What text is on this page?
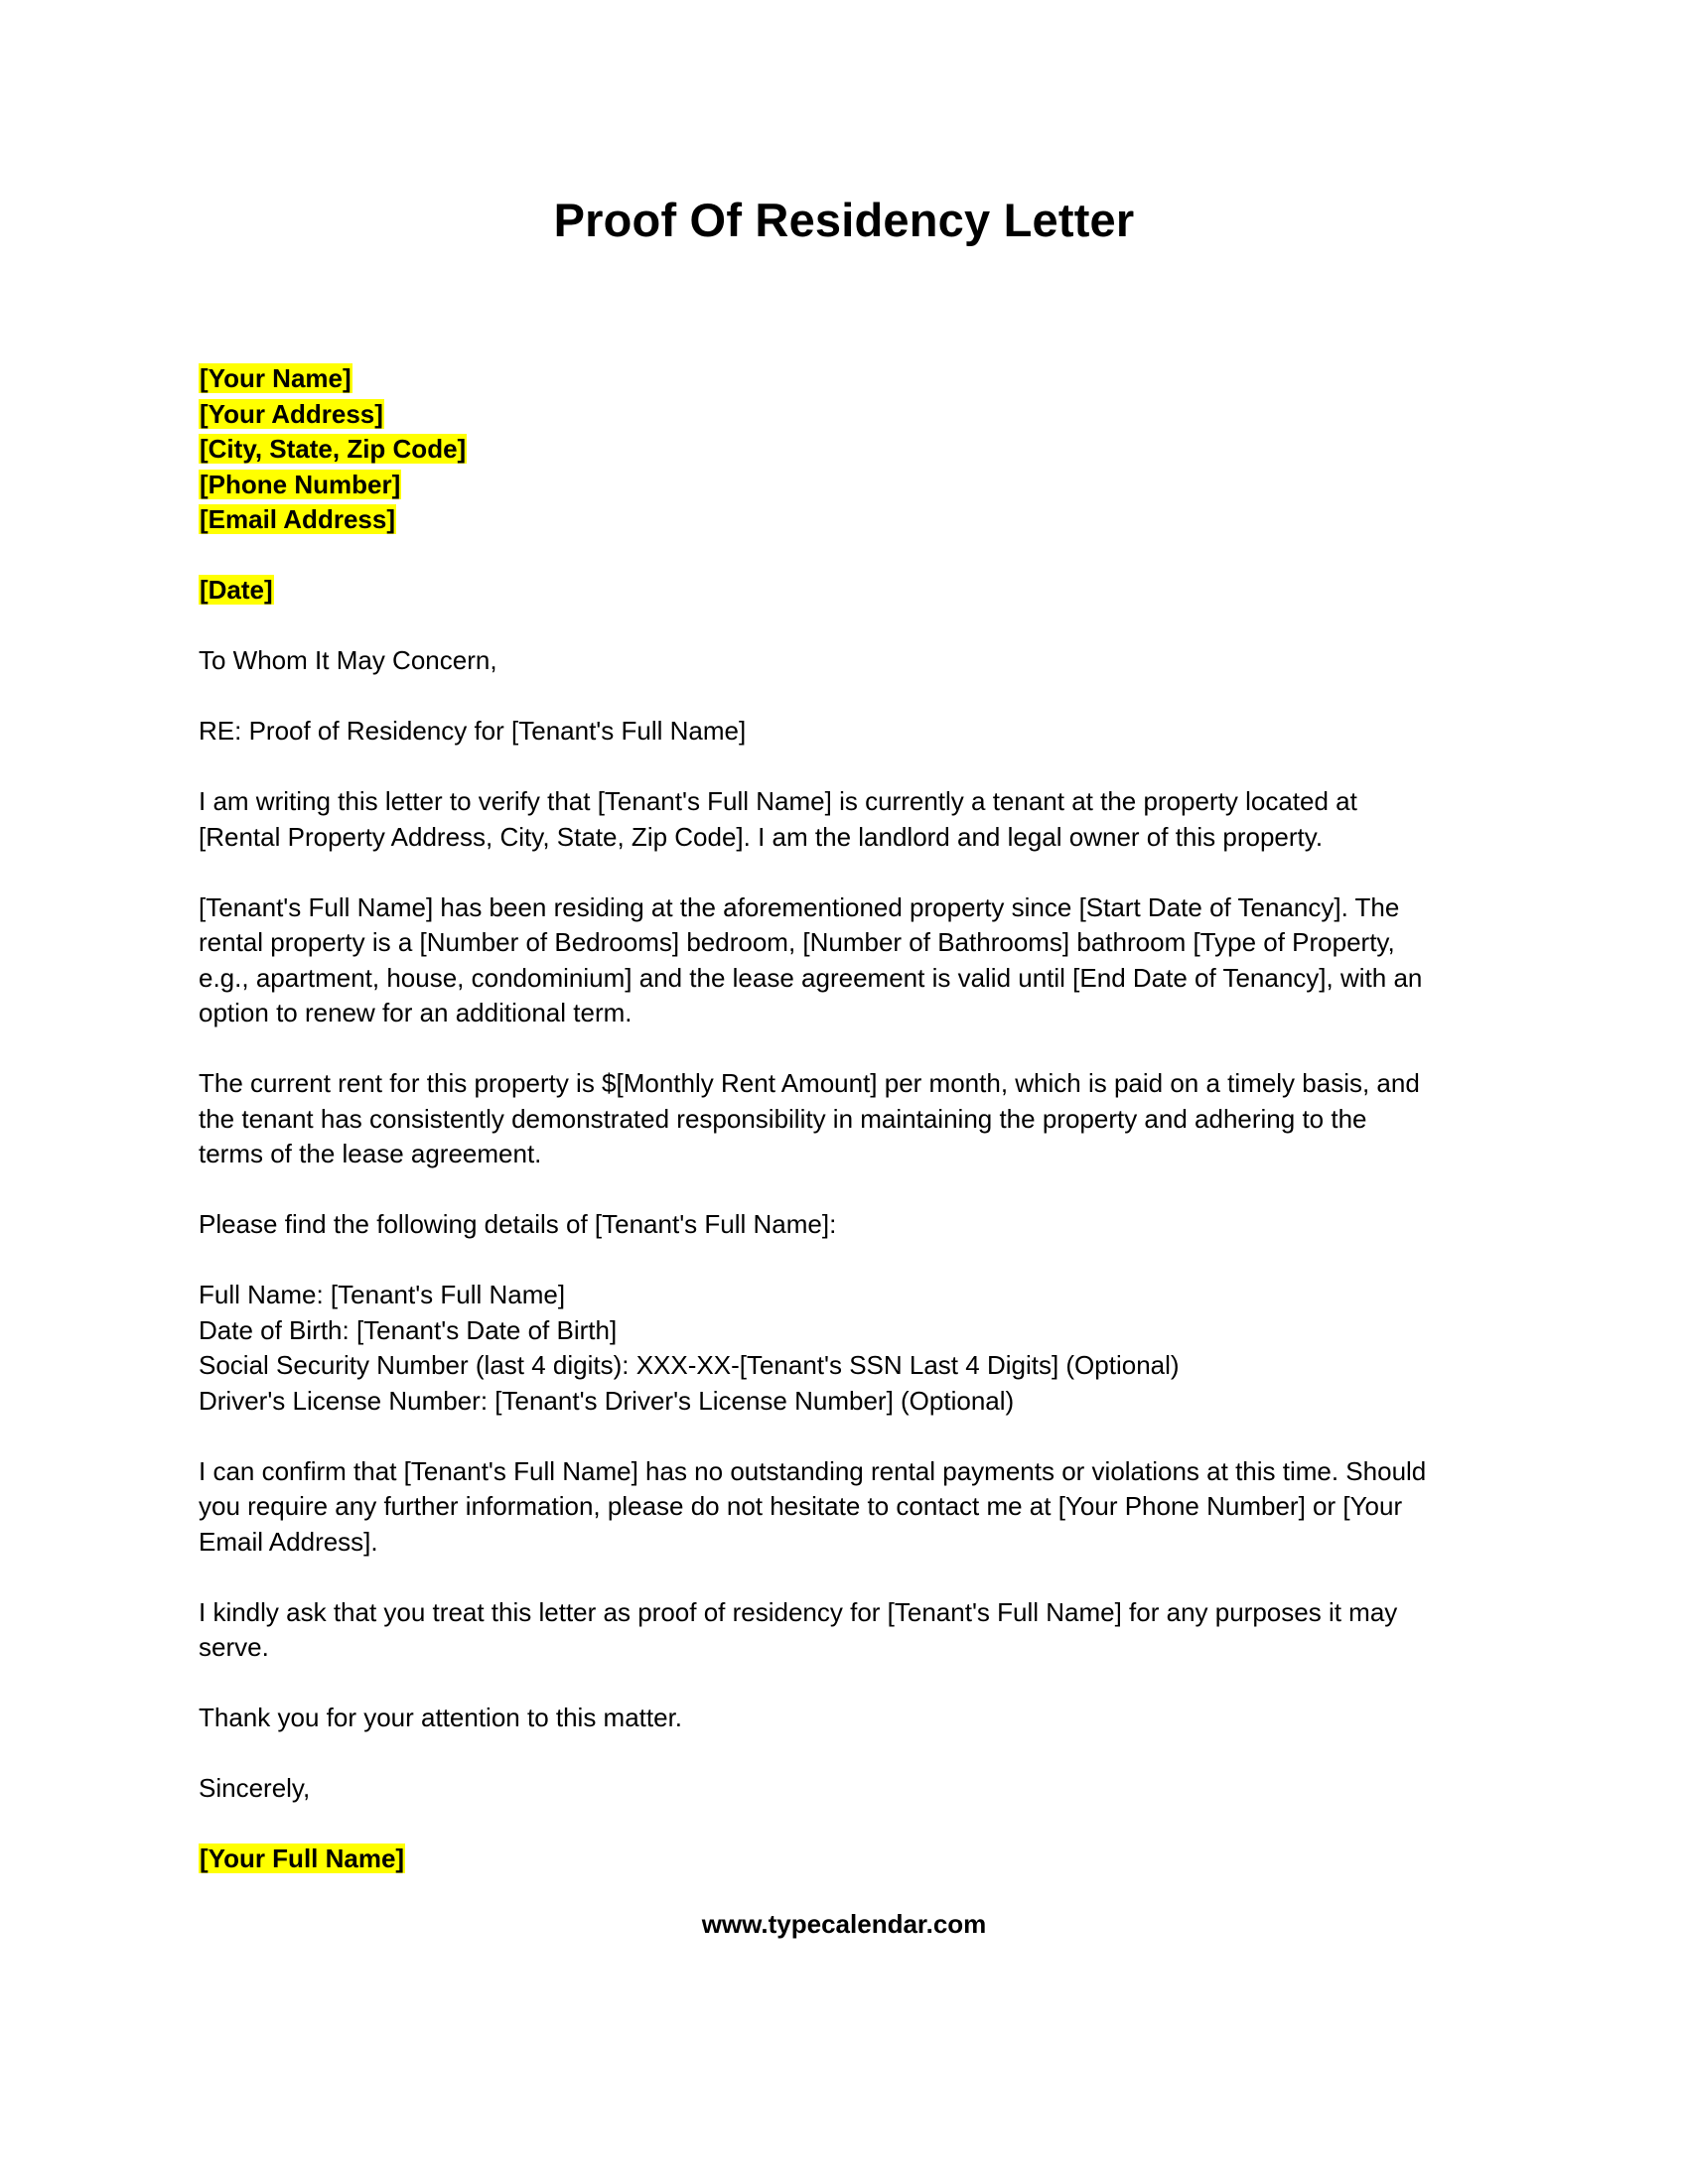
Proof Of Residency Letter
[Your Name]
[Your Address]
[City, State, Zip Code]
[Phone Number]
[Email Address]
[Date]
To Whom It May Concern,
RE: Proof of Residency for [Tenant's Full Name]
I am writing this letter to verify that [Tenant's Full Name] is currently a tenant at the property located at
[Rental Property Address, City, State, Zip Code]. I am the landlord and legal owner of this property.
[Tenant's Full Name] has been residing at the aforementioned property since [Start Date of Tenancy]. The
rental property is a [Number of Bedrooms] bedroom, [Number of Bathrooms] bathroom [Type of Property,
e.g., apartment, house, condominium] and the lease agreement is valid until [End Date of Tenancy], with an
option to renew for an additional term.
The current rent for this property is $[Monthly Rent Amount] per month, which is paid on a timely basis, and
the tenant has consistently demonstrated responsibility in maintaining the property and adhering to the
terms of the lease agreement.
Please find the following details of [Tenant's Full Name]:
Full Name: [Tenant's Full Name]
Date of Birth: [Tenant's Date of Birth]
Social Security Number (last 4 digits): XXX-XX-[Tenant's SSN Last 4 Digits] (Optional)
Driver's License Number: [Tenant's Driver's License Number] (Optional)
I can confirm that [Tenant's Full Name] has no outstanding rental payments or violations at this time. Should
you require any further information, please do not hesitate to contact me at [Your Phone Number] or [Your
Email Address].
I kindly ask that you treat this letter as proof of residency for [Tenant's Full Name] for any purposes it may
serve.
Thank you for your attention to this matter.
Sincerely,
[Your Full Name]
www.typecalendar.com
